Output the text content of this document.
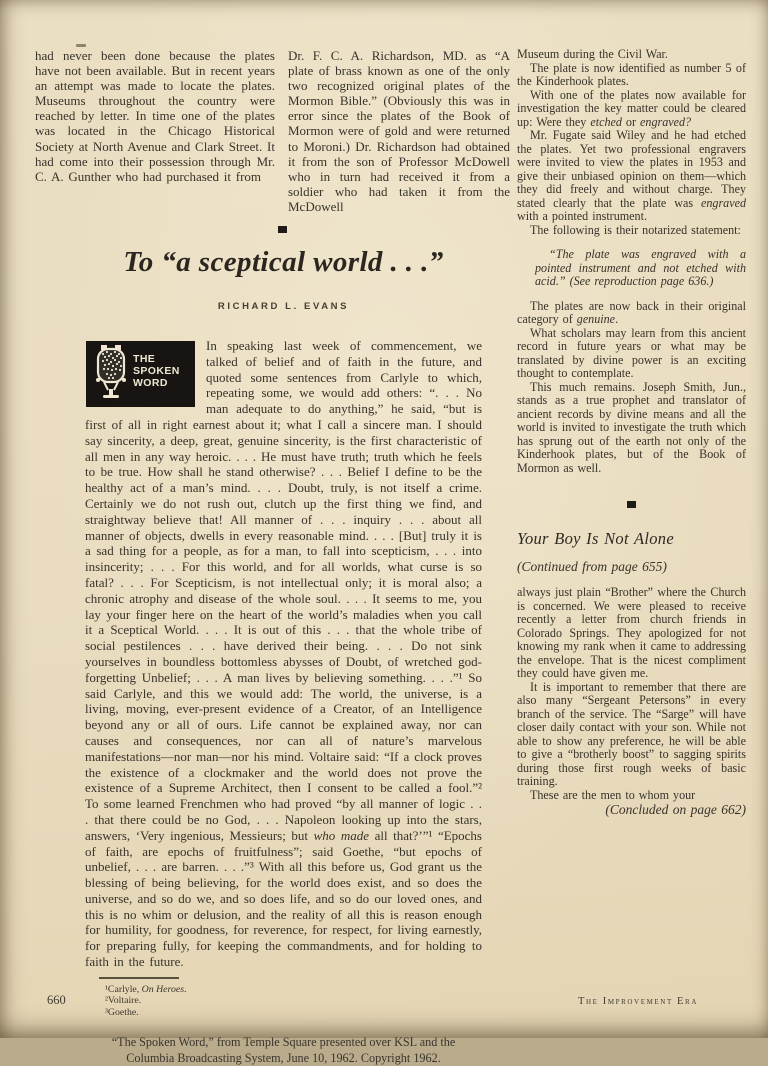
had never been done because the plates have not been available. But in recent years an attempt was made to locate the plates. Museums throughout the country were reached by letter. In time one of the plates was located in the Chicago Historical Society at North Avenue and Clark Street. It had come into their possession through Mr. C. A. Gunther who had purchased it from

Dr. F. C. A. Richardson, MD. as “A plate of brass known as one of the only two recognized original plates of the Mormon Bible.” (Obviously this was in error since the plates of the Book of Mormon were of gold and were returned to Moroni.) Dr. Richardson had obtained it from the son of Professor McDowell who in turn had received it from a soldier who had taken it from the McDowell

Museum during the Civil War.

The plate is now identified as number 5 of the Kinderhook plates.

With one of the plates now available for investigation the key matter could be cleared up: Were they etched or engraved?

Mr. Fugate said Wiley and he had etched the plates. Yet two professional engravers were invited to view the plates in 1953 and give their unbiased opinion on them—which they did freely and without charge. They stated clearly that the plate was engraved with a pointed instrument.

The following is their notarized statement:

“The plate was engraved with a pointed instrument and not etched with acid.” (See reproduction page 636.)

The plates are now back in their original category of genuine.

What scholars may learn from this ancient record in future years or what may be translated by divine power is an exciting thought to contemplate.

This much remains. Joseph Smith, Jun., stands as a true prophet and translator of ancient records by divine means and all the world is invited to investigate the truth which has sprung out of the earth not only of the Kinderhook plates, but of the Book of Mormon as well.

Your Boy Is Not Alone

(Continued from page 655)

always just plain “Brother” where the Church is concerned. We were pleased to receive recently a letter from church friends in Colorado Springs. They apologized for not knowing my rank when it came to addressing the envelope. That is the nicest compliment they could have given me.

It is important to remember that there are also many “Sergeant Petersons” in every branch of the service. The “Sarge” will have closer daily contact with your son. While not able to show any preference, he will be able to give a “brotherly boost” to sagging spirits during those first rough weeks of basic training.

These are the men to whom your

(Concluded on page 662)

To “a sceptical world . . .”
RICHARD L. EVANS
THE
SPOKEN
WORD
In speaking last week of commencement, we talked of belief and of faith in the future, and quoted some sentences from Carlyle to which, repeating some, we would add others: “. . . No man adequate to do anything,” he said, “but is first of all in right earnest about it; what I call a sincere man. I should say sincerity, a deep, great, genuine sincerity, is the first characteristic of all men in any way heroic. . . . He must have truth; truth which he feels to be true. How shall he stand otherwise? . . . Belief I define to be the healthy act of a man’s mind. . . . Doubt, truly, is not itself a crime. Certainly we do not rush out, clutch up the first thing we find, and straightway believe that! All manner of . . . inquiry . . . about all manner of objects, dwells in every reasonable mind. . . . [But] truly it is a sad thing for a people, as for a man, to fall into scepticism, . . . into insincerity; . . . For this world, and for all worlds, what curse is so fatal? . . . For Scepticism, is not intellectual only; it is moral also; a chronic atrophy and disease of the whole soul. . . . It seems to me, you lay your finger here on the heart of the world’s maladies when you call it a Sceptical World. . . . It is out of this . . . that the whole tribe of social pestilences . . . have derived their being. . . . Do not sink yourselves in boundless bottomless abysses of Doubt, of wretched god-forgetting Unbelief; . . . A man lives by believing something. . . .”¹ So said Carlyle, and this we would add: The world, the universe, is a living, moving, ever-present evidence of a Creator, of an Intelligence beyond any or all of ours. Life cannot be explained away, nor can causes and consequences, nor can all of nature’s marvelous manifestations—nor man—nor his mind. Voltaire said: “If a clock proves the existence of a clockmaker and the world does not prove the existence of a Supreme Architect, then I consent to be called a fool.”² To some learned Frenchmen who had proved “by all manner of logic . . . that there could be no God, . . . Napoleon looking up into the stars, answers, ‘Very ingenious, Messieurs; but who made all that?’”¹ “Epochs of faith, are epochs of fruitfulness”; said Goethe, “but epochs of unbelief, . . . are barren. . . .”³ With all this before us, God grant us the blessing of being believing, for the world does exist, and so does the universe, and so do we, and so does life, and so do our loved ones, and this is no whim or delusion, and the reality of all this is reason enough for humility, for goodness, for reverence, for respect, for living earnestly, for preparing fully, for keeping the commandments, and for holding to faith in the future.
¹Carlyle, On Heroes.
²Voltaire.
³Goethe.
“The Spoken Word,” from Temple Square presented over KSL and the
Columbia Broadcasting System, June 10, 1962. Copyright 1962.
660	The Improvement Era
